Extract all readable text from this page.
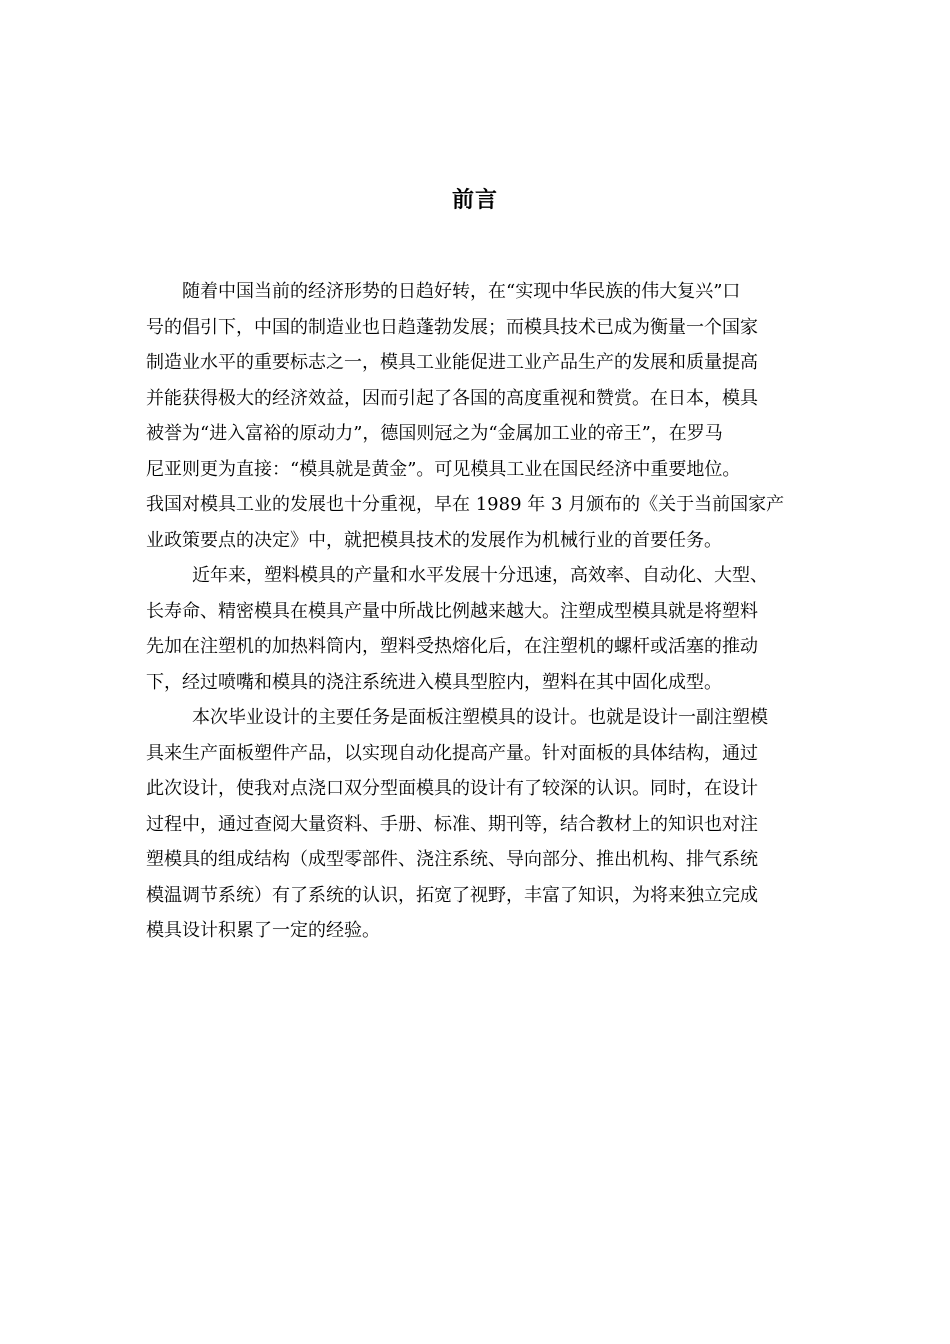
前言
随着中国当前的经济形势的日趋好转，在“实现中华民族的伟大复兴”口
号的倡引下，中国的制造业也日趋蓬勃发展；而模具技术已成为衡量一个国家
制造业水平的重要标志之一，模具工业能促进工业产品生产的发展和质量提高
并能获得极大的经济效益，因而引起了各国的高度重视和赞赏。在日本，模具
被誉为“进入富裕的原动力”，德国则冠之为“金属加工业的帝王”，在罗马
尼亚则更为直接：“模具就是黄金”。可见模具工业在国民经济中重要地位。
我国对模具工业的发展也十分重视，早在 1989 年 3 月颁布的《关于当前国家产
业政策要点的决定》中，就把模具技术的发展作为机械行业的首要任务。
近年来，塑料模具的产量和水平发展十分迅速，高效率、自动化、大型、
长寿命、精密模具在模具产量中所战比例越来越大。注塑成型模具就是将塑料
先加在注塑机的加热料筒内，塑料受热熔化后，在注塑机的螺杆或活塞的推动
下，经过喷嘴和模具的浇注系统进入模具型腔内，塑料在其中固化成型。
本次毕业设计的主要任务是面板注塑模具的设计。也就是设计一副注塑模
具来生产面板塑件产品，以实现自动化提高产量。针对面板的具体结构，通过
此次设计，使我对点浇口双分型面模具的设计有了较深的认识。同时，在设计
过程中，通过查阅大量资料、手册、标准、期刊等，结合教材上的知识也对注
塑模具的组成结构（成型零部件、浇注系统、导向部分、推出机构、排气系统
模温调节系统）有了系统的认识，拓宽了视野，丰富了知识，为将来独立完成
模具设计积累了一定的经验。
